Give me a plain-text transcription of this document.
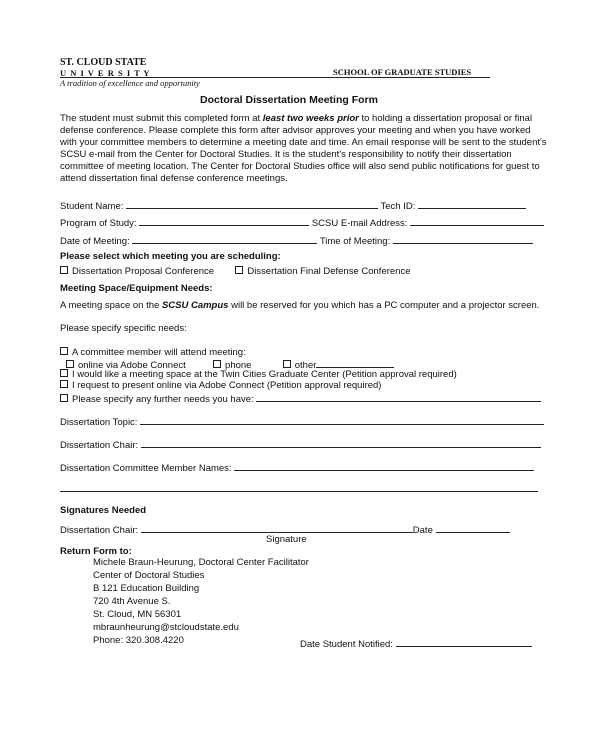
ST. CLOUD STATE
U N I V E R S I T Y	SCHOOL OF GRADUATE STUDIES
A tradition of excellence and opportunity
Doctoral Dissertation Meeting Form
The student must submit this completed form at least two weeks prior to holding a dissertation proposal or final defense conference. Please complete this form after advisor approves your meeting and when you have worked with your committee members to determine a meeting date and time. An email response will be sent to the student's SCSU e-mail from the Center for Doctoral Studies. It is the student's responsibility to notify their dissertation committee of meeting location. The Center for Doctoral Studies office will also send public notifications for guest to attend dissertation final defense conference meetings.
Student Name:	Tech ID:
Program of Study:	SCSU E-mail Address:
Date of Meeting:	Time of Meeting:
Please select which meeting you are scheduling:
Dissertation Proposal Conference	Dissertation Final Defense Conference
Meeting Space/Equipment Needs:
A meeting space on the SCSU Campus will be reserved for you which has a PC computer and a projector screen.
Please specify specific needs:
A committee member will attend meeting:
online via Adobe Connect	phone	other
I would like a meeting space at the Twin Cities Graduate Center (Petition approval required)
I request to present online via Adobe Connect (Petition approval required)
Please specify any further needs you have:
Dissertation Topic:
Dissertation Chair:
Dissertation Committee Member Names:
Signatures Needed
Dissertation Chair:	Date
Signature
Return Form to:
Michele Braun-Heurung, Doctoral Center Facilitator
Center of Doctoral Studies
B 121 Education Building
720 4th Avenue S.
St. Cloud, MN 56301
mbraunheurung@stcloudstate.edu
Phone: 320.308.4220	Date Student Notified:
